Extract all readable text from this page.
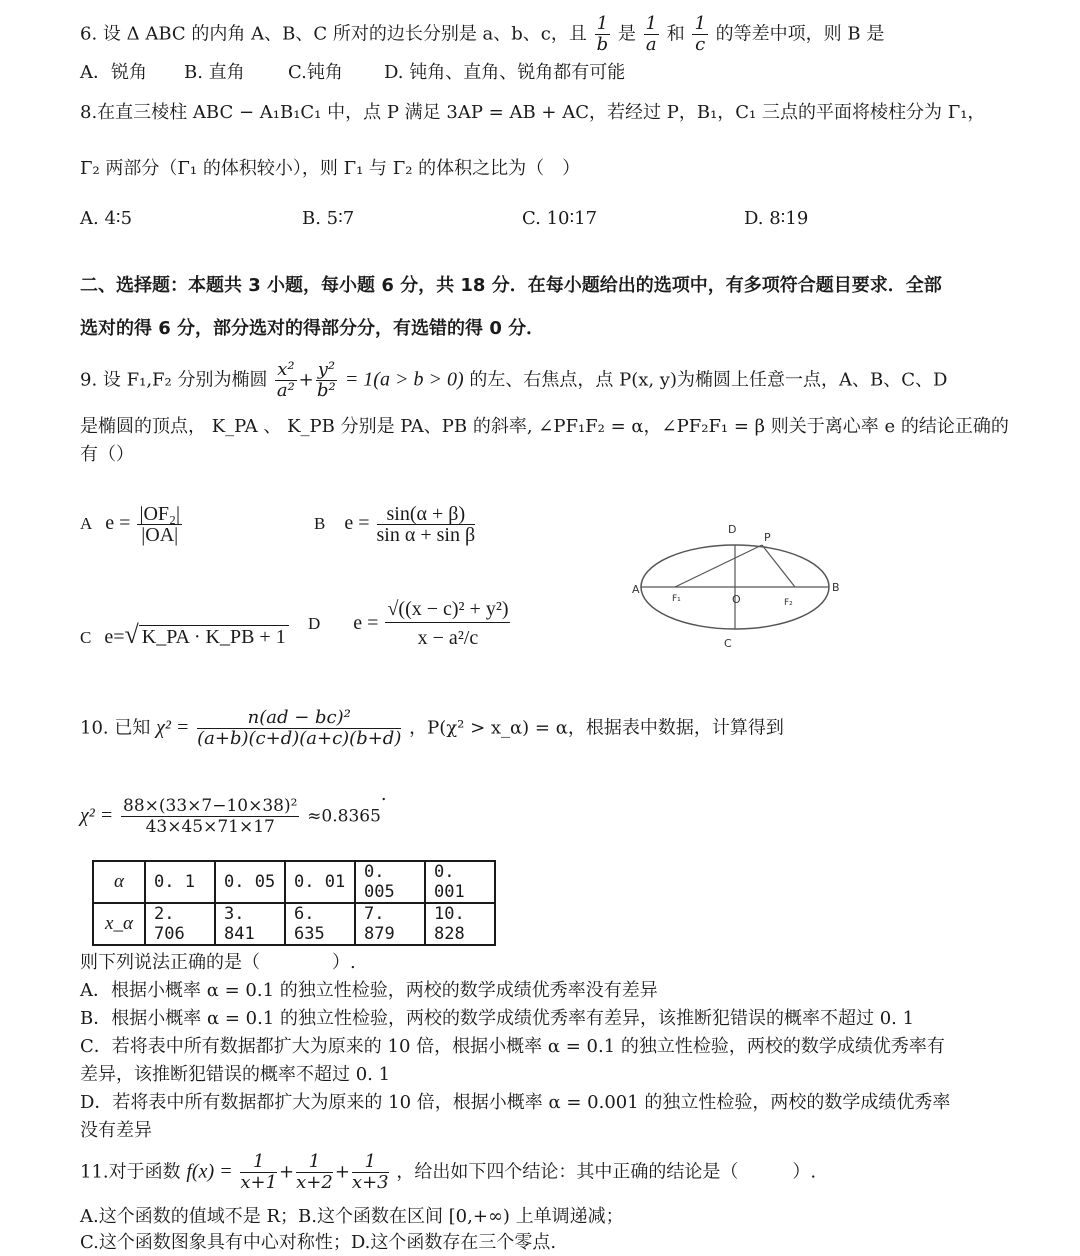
6. 设 Δ ABC 的内角 A、B、C 所对的边长分别是 a、b、c，且 $\frac{1}{b}$ 是 $\frac{1}{a}$ 和 $\frac{1}{c}$ 的等差中项，则 B 是
A．锐角 B. 直角 C.钝角 D. 钝角、直角、锐角都有可能
8.在直三棱柱 ABC − A₁B₁C₁ 中，点 P 满足 3AP = AB + AC，若经过 P，B₁，C₁ 三点的平面将棱柱分为 Γ₁，
Γ₂ 两部分（Γ₁ 的体积较小），则 Γ₁ 与 Γ₂ 的体积之比为（　）
A. 4∶5	B. 5∶7	C. 10∶17	D. 8∶19
二、选择题：本题共 3 小题，每小题 6 分，共 18 分．在每小题给出的选项中，有多项符合题目要求．全部
选对的得 6 分，部分选对的得部分分，有选错的得 0 分．
9. 设 F₁,F₂ 分别为椭圆 $\frac{\text{x²}}{\text{a²}} + \frac{\text{y²}}{\text{b²}} = 1(a > b > 0)$ 的左、右焦点，点 P(x, y)为椭圆上任意一点，A、B、C、D
是椭圆的顶点， K_PA 、 K_PB 分别是 PA、PB 的斜率, ∠PF₁F₂ = α，∠PF₂F₁ = β 则关于离心率 e 的结论正确的
有（）
A $e = \frac{\text{|OF₂|}}{|OA|}$	B $e = \frac{\sin(\alpha + \beta)}{\text{sin α + sin β}}$
C e=√ K_PA · K_PB + 1
D $e = \frac{\text{√((x − c)² + y²)}}{\text{x − a²/c}}$
A	B
D
C
P
O
F₁	F₂
10. 已知 $\chi^2 = \frac{\text{n(ad − bc)²}}{(a+b)(c+d)(a+c)(b+d)}$ ，P(χ² > x_α) = α，根据表中数据，计算得到
$\chi^2 = \frac{\text{88×(33×7−10×38)²}}{43\times 45\times 71\times 17} \approx 0.8365$.
α	0. 1	0. 05	0. 01	0. 005	0. 001
x_α	2. 706	3. 841	6. 635	7. 879	10. 828
则下列说法正确的是（　　　　）.
A．根据小概率 α = 0.1 的独立性检验，两校的数学成绩优秀率没有差异
B．根据小概率 α = 0.1 的独立性检验，两校的数学成绩优秀率有差异，该推断犯错误的概率不超过 0. 1
C．若将表中所有数据都扩大为原来的 10 倍，根据小概率 α = 0.1 的独立性检验，两校的数学成绩优秀率有
差异，该推断犯错误的概率不超过 0. 1
D．若将表中所有数据都扩大为原来的 10 倍，根据小概率 α = 0.001 的独立性检验，两校的数学成绩优秀率
没有差异
11.对于函数 $f(x) = \frac{1}{x+1} + \frac{1}{x+2} + \frac{1}{x+3}$ ，给出如下四个结论：其中正确的结论是（　　　）.
A.这个函数的值域不是 R；B.这个函数在区间 [0,+∞) 上单调递减；
C.这个函数图象具有中心对称性；D.这个函数存在三个零点.
